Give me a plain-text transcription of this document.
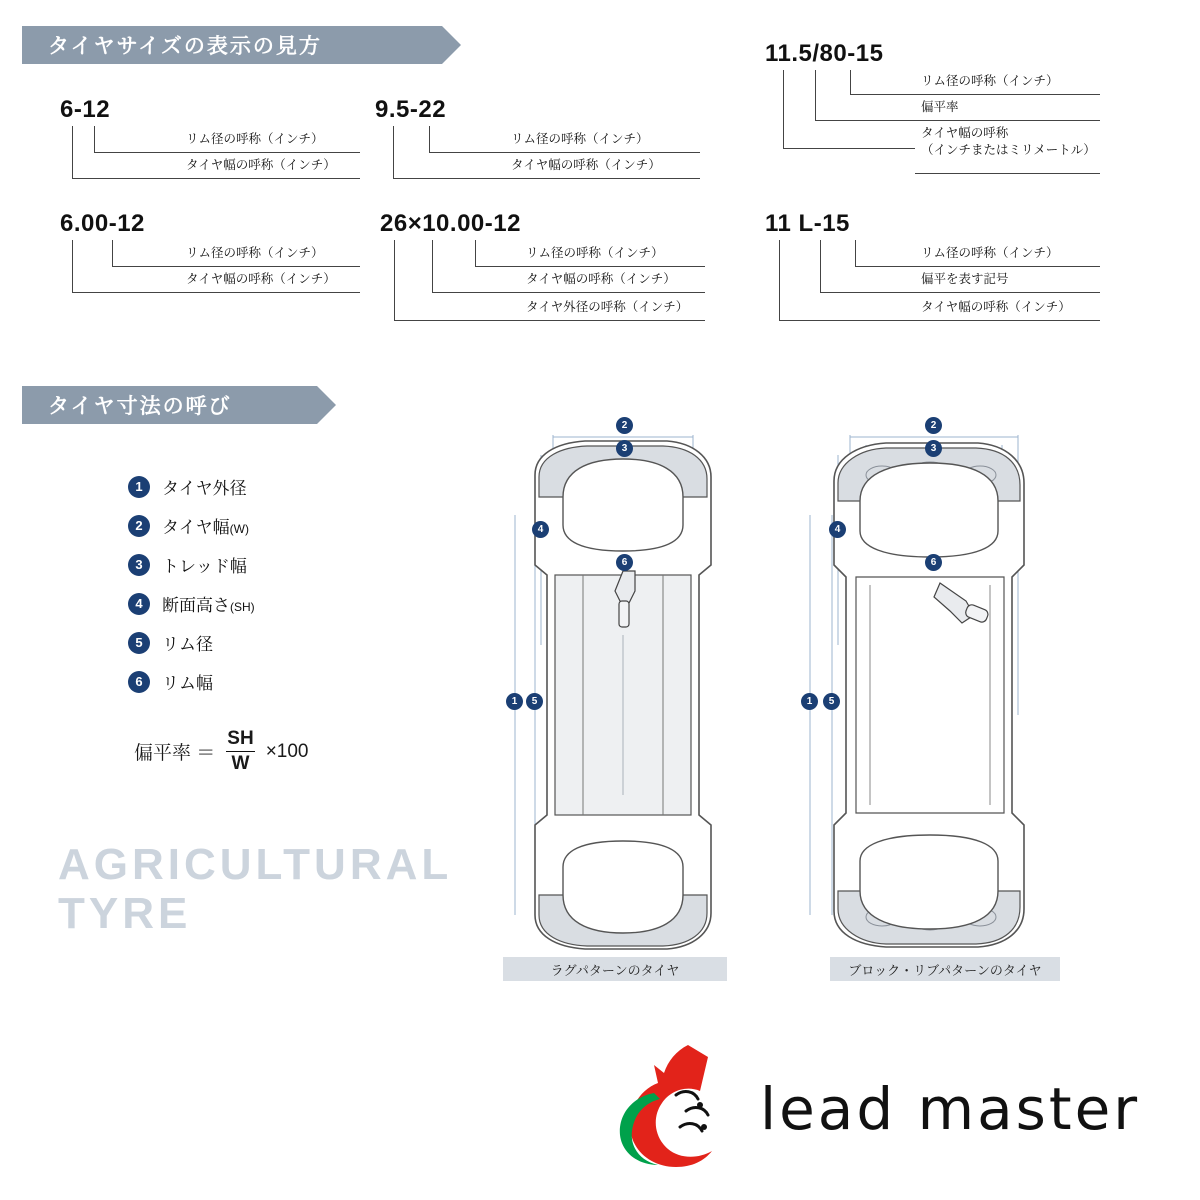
タイヤサイズの表示の見方
6-12
リム径の呼称（インチ）
タイヤ幅の呼称（インチ）
9.5-22
リム径の呼称（インチ）
タイヤ幅の呼称（インチ）
11.5/80-15
リム径の呼称（インチ）
偏平率
タイヤ幅の呼称
（インチまたはミリメートル）
6.00-12
リム径の呼称（インチ）
タイヤ幅の呼称（インチ）
26×10.00-12
リム径の呼称（インチ）
タイヤ幅の呼称（インチ）
タイヤ外径の呼称（インチ）
11 L-15
リム径の呼称（インチ）
偏平を表す記号
タイヤ幅の呼称（インチ）
タイヤ寸法の呼び
1	タイヤ外径
2	タイヤ幅(W)
3	トレッド幅
4	断面高さ(SH)
5	リム径
6	リム幅
偏平率 ＝ $\frac{SH}{W} \times 100$
AGRICULTURAL
TYRE
2
3
4
6
1	5
ラグパターンのタイヤ
2
3
4
6
1	5
ブロック・リブパターンのタイヤ
lead master
